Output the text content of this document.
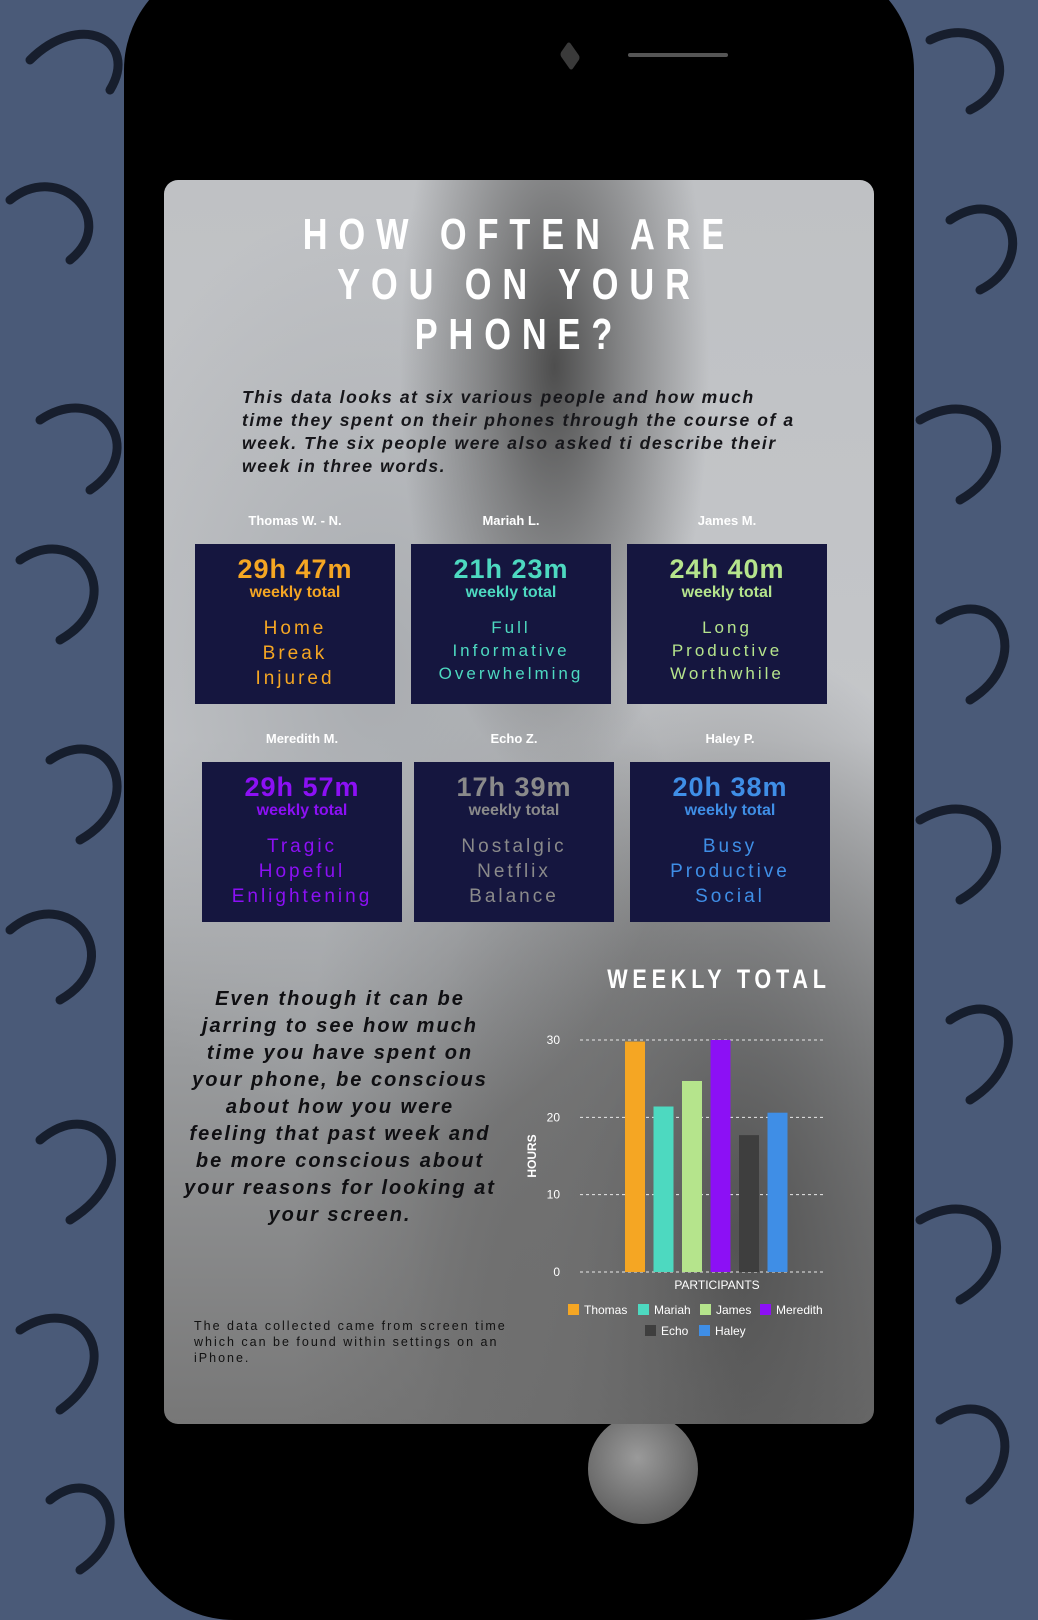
HOW OFTEN ARE
YOU ON YOUR
PHONE?
This data looks at six various people and how much time they spent on their phones through the course of a week. The six people were also asked ti describe their week in three words.
Thomas W. - N.
29h 47m
weekly total
Home
Break
Injured
Mariah L.
21h 23m
weekly total
Full
Informative
Overwhelming
James M.
24h 40m
weekly total
Long
Productive
Worthwhile
Meredith M.
29h 57m
weekly total
Tragic
Hopeful
Enlightening
Echo Z.
17h 39m
weekly total
Nostalgic
Netflix
Balance
Haley P.
20h 38m
weekly total
Busy
Productive
Social
Even though it can be jarring to see how much time you have spent on your phone, be conscious about how you were feeling that past week and be more conscious about your reasons for looking at your screen.
The data collected came from screen time which can be found within settings on an iPhone.
WEEKLY TOTAL
0
10
20
30
HOURS
PARTICIPANTS
Thomas Mariah James Meredith
Echo Haley
